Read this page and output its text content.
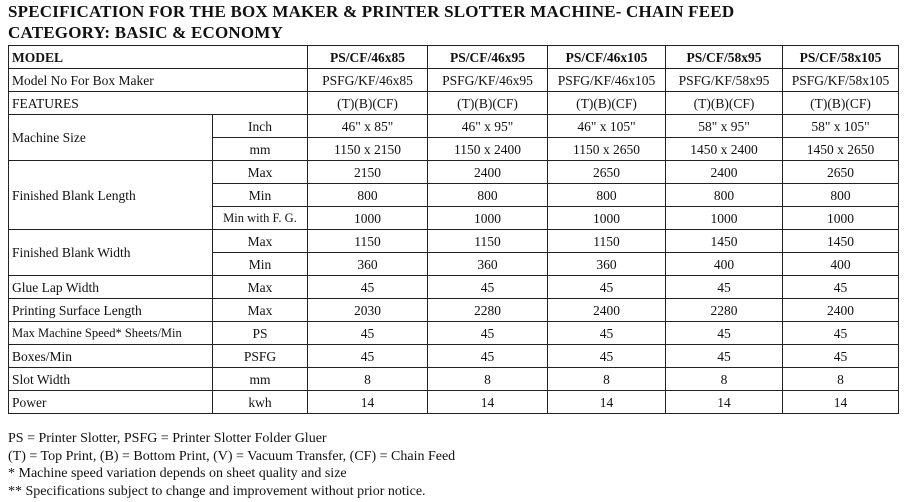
SPECIFICATION FOR THE BOX MAKER & PRINTER SLOTTER MACHINE- CHAIN FEED
CATEGORY: BASIC & ECONOMY
MODEL		PS/CF/46x85	PS/CF/46x95	PS/CF/46x105	PS/CF/58x95	PS/CF/58x105
Model No For Box Maker		PSFG/KF/46x85	PSFG/KF/46x95	PSFG/KF/46x105	PSFG/KF/58x95	PSFG/KF/58x105
FEATURES		(T)(B)(CF)	(T)(B)(CF)	(T)(B)(CF)	(T)(B)(CF)	(T)(B)(CF)
Machine Size	Inch	46" x 85"	46" x 95"	46" x 105"	58" x 95"	58" x 105"
	mm	1150 x 2150	1150 x 2400	1150 x 2650	1450 x 2400	1450 x 2650
Finished Blank Length	Max	2150	2400	2650	2400	2650
	Min	800	800	800	800	800
	Min with F. G.	1000	1000	1000	1000	1000
Finished Blank Width	Max	1150	1150	1150	1450	1450
	Min	360	360	360	400	400
Glue Lap Width	Max	45	45	45	45	45
Printing Surface Length	Max	2030	2280	2400	2280	2400
Max Machine Speed* Sheets/Min	PS	45	45	45	45	45
Boxes/Min	PSFG	45	45	45	45	45
Slot Width	mm	8	8	8	8	8
Power	kwh	14	14	14	14	14
PS = Printer Slotter, PSFG = Printer Slotter Folder Gluer
(T) = Top Print, (B) = Bottom Print, (V) = Vacuum Transfer, (CF) = Chain Feed
* Machine speed variation depends on sheet quality and size
** Specifications subject to change and improvement without prior notice.
